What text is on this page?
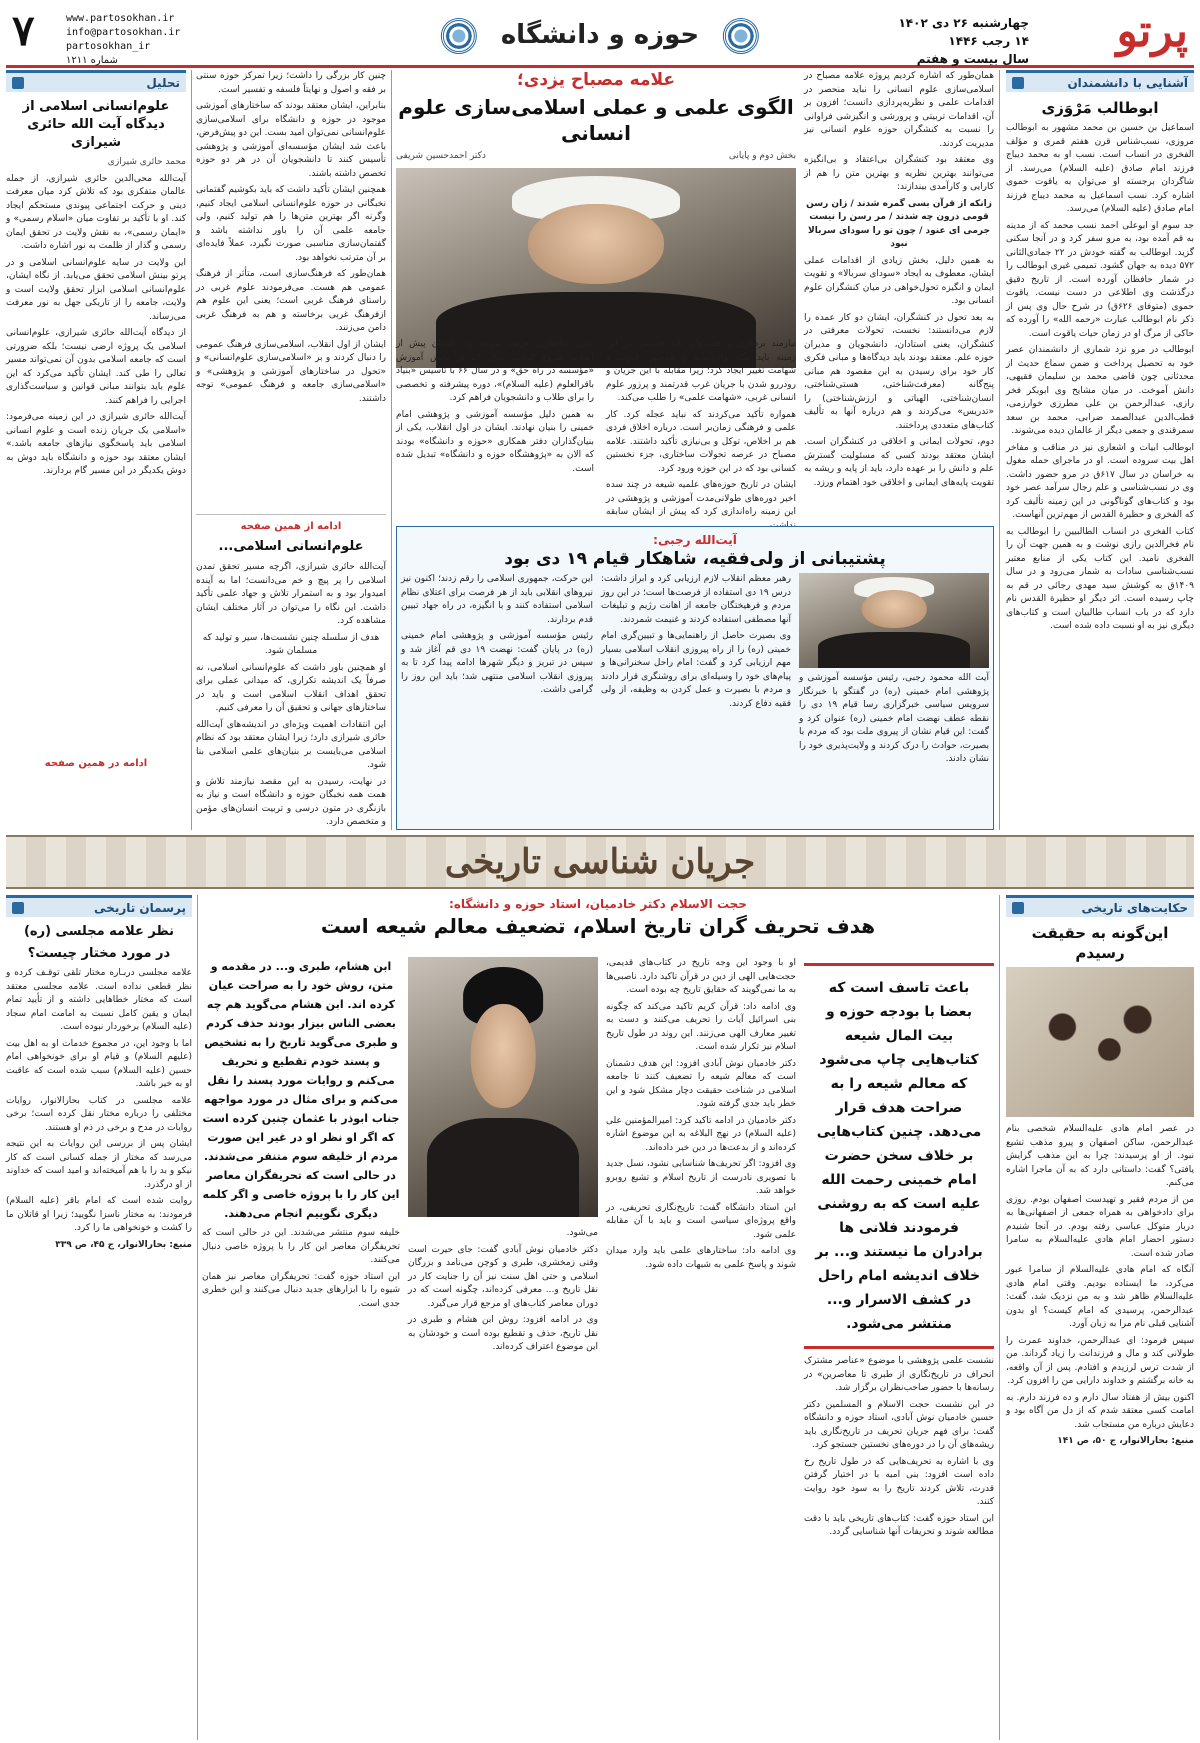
پرتو
چهارشنبه ۲۶ دی ۱۴۰۲
۱۴ رجب ۱۴۴۶
سال بیست و هفتم
حوزه و دانشگاه
www.partosokhan.ir
info@partosokhan.ir
partosokhan_ir
شماره ۱۲۱۱
۷
آشنایی با دانشمندان
ابوطالب مَرْوَزی

اسماعیل بن حسین بن محمد مشهور به ابوطالب مروزی، نسب‌شناس قرن هفتم قمری و مؤلف الفخری در انساب است. نسب او به محمد دیباج فرزند امام صادق (علیه السلام) می‌رسد. از شاگردان برجسته او می‌توان به یاقوت حموی اشاره کرد. نسب اسماعیل به محمد دیباج فرزند امام صادق (علیه السلام) می‌رسد.

جد سوم او ابوعلی احمد نسب محمد که از مدینه به قم آمده بود، به مرو سفر کرد و در آنجا سکنی گزید. ابوطالب به گفته خودش در ۲۲ جمادی‌الثانی ۵۷۲ دیده به جهان گشود. تمیمی غیری ابوطالب را در شمار حافظان آورده است. از تاریخ دقیق درگذشت وی اطلاعی در دست نیست. یاقوت حموی (متوفای ۶۲۶ق) در شرح حال وی پس از ذکر نام ابوطالب عبارت «رحمه الله» را آورده که حاکی از مرگ او در زمان حیات یاقوت است.

ابوطالب در مرو نزد شماری از دانشمندان عصر خود به تحصیل پرداخت و ضمن سماع حدیث از محدثانی چون قاضی محمد بن سلیمان فقیهی، دانش آموخت. در میان مشایخ وی ابوبکر فخر رازی، عبدالرحمن بن علی مطرزی خوارزمی، قطب‌الدین عبدالصمد ضرابی، محمد بن سعد سمرقندی و جمعی دیگر از عالمان دیده می‌شوند.

ابوطالب ابیات و اشعاری نیز در مناقب و مفاخر اهل بیت سروده است. او در ماجرای حمله مغول به خراسان در سال ۶۱۷ق در مرو حضور داشت. وی در نسب‌شناسی و علم رجال سرآمد عصر خود بود و کتاب‌های گوناگونی در این زمینه تألیف کرد که الفخری و حظیرة القدس از مهم‌ترین آنهاست.

کتاب الفخری در انساب الطالبیین را ابوطالب به نام فخرالدین رازی نوشت و به همین جهت آن را الفخری نامید. این کتاب یکی از منابع معتبر نسب‌شناسی سادات به شمار می‌رود و در سال ۱۴۰۹ق به کوشش سید مهدی رجائی در قم به چاپ رسیده است. اثر دیگر او حظیرة القدس نام دارد که در باب انساب طالبیان است و کتاب‌های دیگری نیز به او نسبت داده شده است.

همان‌طور که اشاره کردیم پروژه علامه مصباح در اسلامی‌سازی علوم انسانی را نباید منحصر در اقدامات علمی و نظریه‌پردازی دانست؛ افزون بر آن، اقدامات تربیتی و پرورشی و انگیزشی فراوانی را نسبت به کنشگران حوزه علوم انسانی نیز مدیریت کردند.

وی معتقد بود کنشگران بی‌اعتقاد و بی‌انگیزه می‌توانند بهترین نظریه و بهترین متن را هم از کارایی و کارآمدی بیندازند:

زانکه از قرآن بسی گمره شدند / زان رسن قومی درون چه شدند / مر رسن را نیست جرمی ای عنود / چون تو را سودای سربالا نبود

به همین دلیل، بخش زیادی از اقدامات عملی ایشان، معطوف به ایجاد «سودای سربالا» و تقویت ایمان و انگیزه تحول‌خواهی در میان کنشگران علوم انسانی بود.

به بعد تحول در کنشگران، ایشان دو کار عمده را لازم می‌دانستند: نخست، تحولات معرفتی در کنشگران، یعنی استادان، دانشجویان و مدیران حوزه علم. معتقد بودند باید دیدگاه‌ها و مبانی فکری کار خود برای رسیدن به این مقصود هم مبانی پنج‌گانه (معرفت‌شناختی، هستی‌شناختی، انسان‌شناختی، الهیاتی و ارزش‌شناختی) را «تدریس» می‌کردند و هم درباره آنها به تألیف کتاب‌های متعددی پرداختند.

دوم، تحولات ایمانی و اخلاقی در کنشگران است. ایشان معتقد بودند کسی که مسئولیت گسترش علم و دانش را بر عهده دارد، باید از پایه و ریشه به تقویت پایه‌های ایمانی و اخلاقی خود اهتمام ورزد.

علامه مصباح یزدی؛
الگوی علمی و عملی اسلامی‌سازی علوم انسانی
بخش دوم و پایانی
دکتر احمدحسین شریفی

نیازمند بردباری و همت‌های بلند هستیم. در این زمینه باید نگاه واقع‌بینانه و همچنین قدرت و شهامت تغییر ایجاد کرد؛ زیرا مقابله با این جریان و رودررو شدن با جریان غرب قدرتمند و پرزور علوم انسانی غربی، «شهامت علمی» را طلب می‌کند.

همواره تأکید می‌کردند که نباید عجله کرد. کار علمی و فرهنگی زمان‌بر است. درباره اخلاق فردی هم بر اخلاص، توکل و بی‌نیازی تأکید داشتند. علامه مصباح در عرصه تحولات ساختاری، جزء نخستین کسانی بود که در این حوزه ورود کرد.

ایشان در تاریخ حوزه‌های علمیه شیعه در چند سده اخیر دوره‌های طولانی‌مدت آموزشی و پژوهشی در این زمینه راه‌اندازی کرد که پیش از ایشان سابقه

چنین ساختاری تعریف نکرده بود. ایشان پیش از انقلاب شروع کردند. سال ۵۴ در بخش آموزش «مؤسسه در راه حق» و در سال ۶۶ با تأسیس «بنیاد باقرالعلوم (علیه السلام)»، دوره پیشرفته و تخصصی را برای طلاب و دانشجویان فراهم کرد.

به همین دلیل مؤسسه آموزشی و پژوهشی امام خمینی را بنیان نهادند. ایشان در اول انقلاب، یکی از بنیان‌گذاران دفتر همکاری «حوزه و دانشگاه» بودند که الان به «پژوهشگاه حوزه و دانشگاه» تبدیل شده است.

آیت‌الله رجبی:
پشتیبانی از ولی‌فقیه، شاهکار قیام ۱۹ دی بود

آیت الله محمود رجبی، رئیس مؤسسه آموزشی و پژوهشی امام خمینی (ره) در گفتگو با خبرنگار سرویس سیاسی خبرگزاری رسا قیام ۱۹ دی را نقطه عطف نهضت امام خمینی (ره) عنوان کرد و گفت: این قیام نشان از پیروی ملت بود که مردم با بصیرت، حوادث را درک کردند و ولایت‌پذیری خود را نشان دادند.

رهبر معظم انقلاب لازم ارزیابی کرد و ابراز داشت: درس ۱۹ دی استفاده از فرصت‌ها است؛ در این روز مردم و فرهیختگان جامعه از اهانت رژیم و تبلیغات آنها مصطفی استفاده کردند و غنیمت شمردند.

وی بصیرت حاصل از راهنمایی‌ها و تبیین‌گری امام خمینی (ره) را از راه پیروزی انقلاب اسلامی بسیار مهم ارزیابی کرد و گفت: امام راحل سخنرانی‌ها و پیام‌های خود را وسیله‌ای برای روشنگری قرار دادند و مردم با بصیرت و عمل کردن به وظیفه، از ولی فقیه دفاع کردند.

این حرکت، جمهوری اسلامی را رقم زدند؛ اکنون نیز نیروهای انقلابی باید از هر فرصت برای اعتلای نظام اسلامی استفاده کنند و با انگیزه، در راه جهاد تبیین قدم بردارند.

رئیس مؤسسه آموزشی و پژوهشی امام خمینی (ره) در پایان گفت: نهضت ۱۹ دی قم آغاز شد و سپس در تبریز و دیگر شهرها ادامه پیدا کرد تا به پیروزی انقلاب اسلامی منتهی شد؛ باید این روز را گرامی داشت.

چنین کار بزرگی را داشت؛ زیرا تمرکز حوزه سنتی بر فقه و اصول و نهایتاً فلسفه و تفسیر است.

بنابراین، ایشان معتقد بودند که ساختارهای آموزشی موجود در حوزه و دانشگاه برای اسلامی‌سازی علوم‌انسانی نمی‌توان امید بست. این دو پیش‌فرض، باعث شد ایشان مؤسسه‌ای آموزشی و پژوهشی تأسیس کنند تا دانشجویان آن در هر دو حوزه تخصص داشته باشند.

همچنین ایشان تأکید داشت که باید بکوشیم گفتمانی نخبگانی در حوزه علوم‌انسانی اسلامی ایجاد کنیم، وگرنه اگر بهترین متن‌ها را هم تولید کنیم، ولی جامعه علمی آن را باور نداشته باشد و گفتمان‌سازی مناسبی صورت نگیرد، عملاً فایده‌ای بر آن مترتب نخواهد بود.

همان‌طور که فرهنگ‌سازی است، متأثر از فرهنگ عمومی هم هست. می‌فرمودند علوم غربی در راستای فرهنگ غربی است؛ یعنی این علوم هم ازفرهنگ غربی برخاسته و هم به فرهنگ غربی دامن می‌زنند.

ایشان از اول انقلاب، اسلامی‌سازی فرهنگ عمومی را دنبال کردند و بر «اسلامی‌سازی علوم‌انسانی» و «تحول در ساختارهای آموزشی و پژوهشی» و «اسلامی‌سازی جامعه و فرهنگ عمومی» توجه داشتند.

ادامه از همین صفحه
علوم‌انسانی اسلامی...

آیت‌الله حائری شیرازی، اگرچه مسیر تحقق تمدن اسلامی را پر پیچ و خم می‌دانست؛ اما به آینده امیدوار بود و به استمرار تلاش و جهاد علمی تأکید داشت. این نگاه را می‌توان در آثار مختلف ایشان مشاهده کرد.

هدف از سلسله چنین نشست‌ها، سیر و تولید که مسلمان شود.

او همچنین باور داشت که علوم‌انسانی اسلامی، نه صرفاً یک اندیشه تکراری، که میدانی عملی برای تحقق اهداف انقلاب اسلامی است و باید در ساختارهای جهانی و تحقیق آن را معرفی کنیم.

این انتقادات اهمیت ویژه‌ای در اندیشه‌های آیت‌الله حائری شیرازی دارد؛ زیرا ایشان معتقد بود که نظام اسلامی می‌بایست بر بنیان‌های علمی اسلامی بنا شود.

در نهایت، رسیدن به این مقصد نیازمند تلاش و همت همه نخبگان حوزه و دانشگاه است و نیاز به بازنگری در متون درسی و تربیت انسان‌های مؤمن و متخصص دارد.

تحلیل
علوم‌انسانی اسلامی از دیدگاه آیت الله حائری شیرازی
محمد حائری شیرازی

آیت‌الله محی‌الدین حائری شیرازی، از جمله عالمان متفکری بود که تلاش کرد میان معرفت دینی و حرکت اجتماعی پیوندی مستحکم ایجاد کند. او با تأکید بر تفاوت میان «اسلام رسمی» و «ایمان رسمی»، به نقش ولایت در تحقق ایمان رسمی و گذار از ظلمت به نور اشاره داشت.

این ولایت در سایه علوم‌انسانی اسلامی و در پرتو بینش اسلامی تحقق می‌یابد. از نگاه ایشان، علوم‌انسانی اسلامی ابزار تحقق ولایت است و ولایت، جامعه را از تاریکی جهل به نور معرفت می‌رساند.

از دیدگاه آیت‌الله حائری شیرازی، علوم‌انسانی اسلامی یک پروژه ارضی نیست؛ بلکه ضرورتی است که جامعه اسلامی بدون آن نمی‌تواند مسیر تعالی را طی کند. ایشان تأکید می‌کرد که این علوم باید بتوانند مبانی قوانین و سیاست‌گذاری اجرایی را فراهم کنند.

آیت‌الله حائری شیرازی در این زمینه می‌فرمود: «اسلامی یک جریان زنده است و علوم انسانی اسلامی باید پاسخگوی نیازهای جامعه باشد.» ایشان معتقد بود حوزه و دانشگاه باید دوش به دوش یکدیگر در این مسیر گام بردارند.

ادامه در همین صفحه
جریان شناسی تاریخی
حکایت‌های تاریخی
این‌گونه به حقیقت رسیدم

در عصر امام هادی علیه‌السلام شخصی بنام عبدالرحمن، ساکن اصفهان و پیرو مذهب تشیع نبود. از او پرسیدند: چرا به این مذهب گرایش یافتی؟ گفت: داستانی دارد که به آن ماجرا اشاره می‌کنم.

من از مردم فقیر و تهیدست اصفهان بودم. روزی برای دادخواهی به همراه جمعی از اصفهانی‌ها به دربار متوکل عباسی رفته بودم. در آنجا شنیدم دستور احضار امام هادی علیه‌السلام به سامرا صادر شده است.

آنگاه که امام هادی علیه‌السلام از سامرا عبور می‌کرد، ما ایستاده بودیم. وقتی امام هادی علیه‌السلام ظاهر شد و به من نزدیک شد، گفت: عبدالرحمن، پرسیدی که امام کیست؟ او بدون آشنایی قبلی نام مرا به زبان آورد.

سپس فرمود: ای عبدالرحمن، خداوند عمرت را طولانی کند و مال و فرزندانت را زیاد گرداند. من از شدت ترس لرزیدم و افتادم. پس از آن واقعه، به خانه برگشتم و خداوند دارایی من را افزون کرد.

اکنون بیش از هفتاد سال دارم و ده فرزند دارم. به امامت کسی معتقد شدم که از دل من آگاه بود و دعایش درباره من مستجاب شد.

منبع: بحارالانوار، ج ۵۰، ص ۱۴۱

حجت الاسلام دکتر خادمیان، استاد حوزه و دانشگاه:
هدف تحریف گران تاریخ اسلام، تضعیف معالم شیعه است
باعث تاسف است که بعضا با بودجه حوزه و بیت المال شیعه کتاب‌هایی چاپ می‌شود که معالم شیعه را به صراحت هدف قرار می‌دهد. چنین کتاب‌هایی بر خلاف سخن حضرت امام خمینی رحمت الله علیه است که به روشنی فرمودند فلانی ها برادران ما نیستند و... بر خلاف اندیشه امام راحل در کشف الاسرار و... منتشر می‌شود.

نشست علمی پژوهشی با موضوع «عناصر مشترک انحراف در تاریخ‌نگاری از طبری تا معاصرین» در رسانه‌ها با حضور صاحب‌نظران برگزار شد.

در این نشست حجت الاسلام و المسلمین دکتر حسین خادمیان نوش آبادی، استاد حوزه و دانشگاه گفت: برای فهم جریان تحریف در تاریخ‌نگاری باید ریشه‌های آن را در دوره‌های نخستین جستجو کرد.

وی با اشاره به تحریف‌هایی که در طول تاریخ رخ داده است افزود: بنی امیه با در اختیار گرفتن قدرت، تلاش کردند تاریخ را به سود خود روایت کنند.

این استاد حوزه گفت: کتاب‌های تاریخی باید با دقت مطالعه شوند و تحریفات آنها شناسایی گردد.

او با وجود این وجه تاریخ در کتاب‌های قدیمی، حجت‌هایی الهی از دین در قرآن تاکید دارد. ناصبی‌ها به ما نمی‌گویند که حقایق تاریخ چه بوده است.

وی ادامه داد: قرآن کریم تاکید می‌کند که چگونه بنی اسرائیل آیات را تحریف می‌کنند و دست به تغییر معارف الهی می‌زنند. این روند در طول تاریخ اسلام نیز تکرار شده است.

دکتر خادمیان نوش آبادی افزود: این هدف دشمنان است که معالم شیعه را تضعیف کنند تا جامعه اسلامی در شناخت حقیقت دچار مشکل شود و این خطر باید جدی گرفته شود.

دکتر خادمیان در ادامه تاکید کرد: امیرالمؤمنین علی (علیه السلام) در نهج البلاغه به این موضوع اشاره کرده‌اند و از بدعت‌ها در دین خبر داده‌اند.

وی افزود: اگر تحریف‌ها شناسایی نشود، نسل جدید با تصویری نادرست از تاریخ اسلام و تشیع روبرو خواهد شد.

این استاد دانشگاه گفت: تاریخ‌نگاری تحریفی، در واقع پروژه‌ای سیاسی است و باید با آن مقابله علمی شود.

وی ادامه داد: ساختارهای علمی باید وارد میدان شوند و پاسخ علمی به شبهات داده شود.

ابن هشام، طبری و... در مقدمه و متن، روش خود را به صراحت عیان کرده اند. ابن هشام می‌گوید هم چه بعضی الناس بیزار بودند حذف کردم و طبری می‌گوید تاریخ را به تشخیص و پسند خودم تقطیع و تحریف می‌کنم و روایات مورد پسند را نقل می‌کنم و برای مثال در مورد مواجهه جناب ابوذر با عثمان چنین کرده است که اگر او نظر او در غیر این صورت مردم از خلیفه سوم متنفر می‌شدند. در حالی است که تحریفگران معاصر این کار را با پروژه خاصی و اگر کلمه دیگری نگوییم انجام می‌دهند.

می‌شود.

دکتر خادمیان نوش آبادی گفت: جای حیرت است وقتی زمخشری، طبری و کوچن می‌نامد و بزرگان اسلامی و حتی اهل سنت نیز آن را جنایت کار در نقل تاریخ و... معرفی کرده‌اند، چگونه است که در دوران معاصر کتاب‌های او مرجع قرار می‌گیرد.

وی در ادامه افزود: روش ابن هشام و طبری در نقل تاریخ، حذف و تقطیع بوده است و خودشان به این موضوع اعتراف کرده‌اند.

خلیفه سوم منتشر می‌شدند. این در حالی است که تحریفگران معاصر این کار را با پروژه خاصی دنبال می‌کنند.

این استاد حوزه گفت: تحریفگران معاصر نیز همان شیوه را با ابزارهای جدید دنبال می‌کنند و این خطری جدی است.

پرسمان تاریخی
نظر علامه مجلسی (ره)
در مورد مختار چیست؟

علامه مجلسی دربـاره مختار تلقی توقـف کرده و نظر قطعی نداده است. علامه مجلسی معتقد است که مختار خطاهایی داشته و از تأیید تمام ایمان و یقین کامل نسبت به امامت امام سجاد (علیه السلام) برخوردار نبوده است.

اما با وجود این، در مجموع خدمات او به اهل بیت (علیهم السلام) و قیام او برای خونخواهی امام حسین (علیه السلام) سبب شده است که عاقبت او به خیر باشد.

علامه مجلسی در کتاب بحارالانوار، روایات مختلفی را درباره مختار نقل کرده است؛ برخی روایات در مدح و برخی در ذم او هستند.

ایشان پس از بررسی این روایات به این نتیجه می‌رسد که مختار از جمله کسانی است که کار نیکو و بد را با هم آمیخته‌اند و امید است که خداوند از او درگذرد.

روایت شده است که امام باقر (علیه السلام) فرمودند: به مختار ناسزا نگویید؛ زیرا او قاتلان ما را کشت و خونخواهی ما را کرد.

منبع: بحارالانوار، ج ۴۵، ص ۳۳۹
